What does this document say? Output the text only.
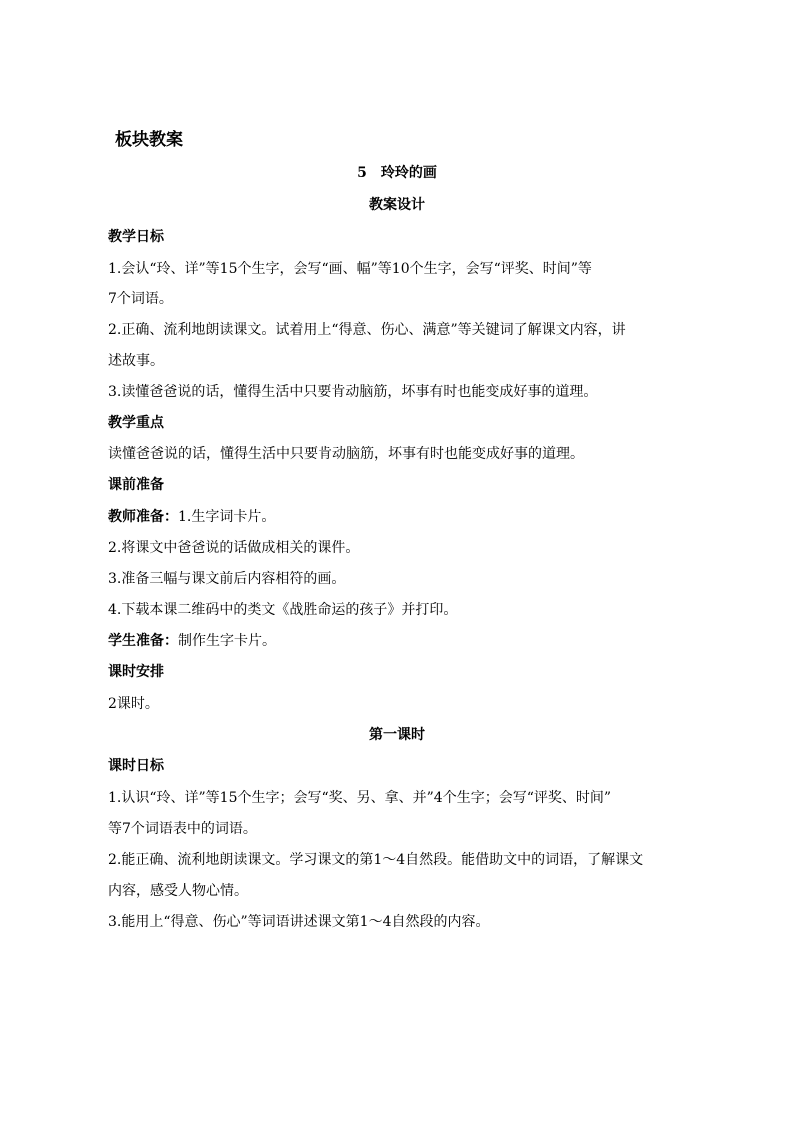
板块教案
5　玲玲的画
教案设计
教学日标
1.会认“玲、详”等15个生字，会写“画、幅”等10个生字，会写“评奖、时间”等
7个词语。
2.正确、流利地朗读课文。试着用上“得意、伤心、满意”等关键词了解课文内容，讲
述故事。
3.读懂爸爸说的话，懂得生活中只要肯动脑筋，坏事有时也能变成好事的道理。
教学重点
读懂爸爸说的话，懂得生活中只要肯动脑筋，坏事有时也能变成好事的道理。
课前准备
教师准备：1.生字词卡片。
2.将课文中爸爸说的话做成相关的课件。
3.准备三幅与课文前后内容相符的画。
4.下载本课二维码中的类文《战胜命运的孩子》并打印。
学生准备：制作生字卡片。
课时安排
2课时。
第一课时
课时日标
1.认识“玲、详”等15个生字；会写“奖、另、拿、并”4个生字；会写“评奖、时间”
等7个词语表中的词语。
2.能正确、流利地朗读课文。学习课文的第1～4自然段。能借助文中的词语，了解课文
内容，感受人物心情。
3.能用上“得意、伤心”等词语讲述课文第1～4自然段的内容。
